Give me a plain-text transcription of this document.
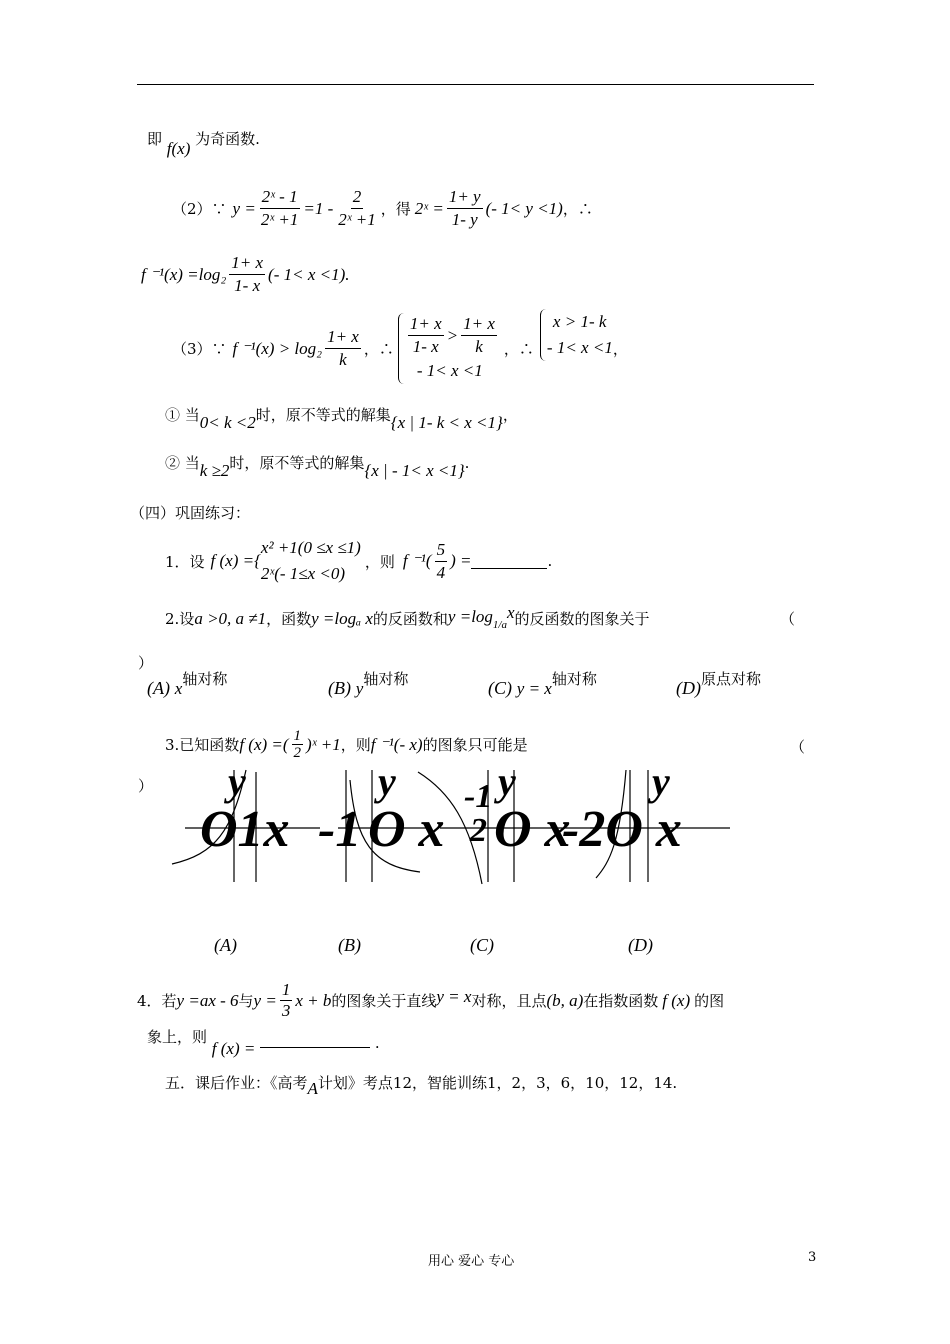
即 f(x) 为奇函数.
（2）∵ $y = \frac{\text{2ˣ - 1}}{\text{2ˣ +1}} =1 - \frac{2}{\text{2ˣ +1}}$ ，得 2ˣ = $\frac{1+ y}{1- y}$ (- 1< y <1) ，∴
f $^{-1}(x) =\log_2 \frac{1+ x}{1- x}$ (- 1< x <1).
（3）∵ f $^{-1}(x) > \log_2 \frac{1+ x}{k}$ ，∴ $\frac{1+ x}{1- x} > \frac{1+ x}{k}$
- 1< x <1
，∴
x > 1- k
- 1< x <1 ，
① 当0< k <2时，原不等式的解集{x | 1- k < x <1}，
② 当k ≥2时，原不等式的解集{x | - 1< x <1}.
（四）巩固练习：
1．设 f (x) ={
x² +1(0 ≤x ≤1)
2ˣ(- 1≤x <0)
，则 f $^{-1}( \frac{5}{4}$ ) =	.
2.设a >0, a ≠1，函数y =logₐ x的反函数和$y =\log_{1/a}x$的反函数的图象关于	（
）
(A) x轴对称	(B) y轴对称	(C) y = x轴对称	(D)原点对称
3.已知函数 f (x) =( $\frac{1}{2}$ )ˣ +1 ，则 f ⁻¹(- x) 的图象只可能是	（
） y	y	y	y
O1x -1 O x
-1
2 O x
-2O x
(A)	(B)	(C)	(D)
4．若 y =ax - 6 与 $y = \frac{1}{3}$ x + b 的图象关于直线 y = x 对称，且点 (b, a) 在指数函数 f (x) 的图
象上，则 f (x) =	.
五．课后作业：《高考A计划》考点12，智能训练1，2，3，6，10，12，14.
用心 爱心 专心	3
